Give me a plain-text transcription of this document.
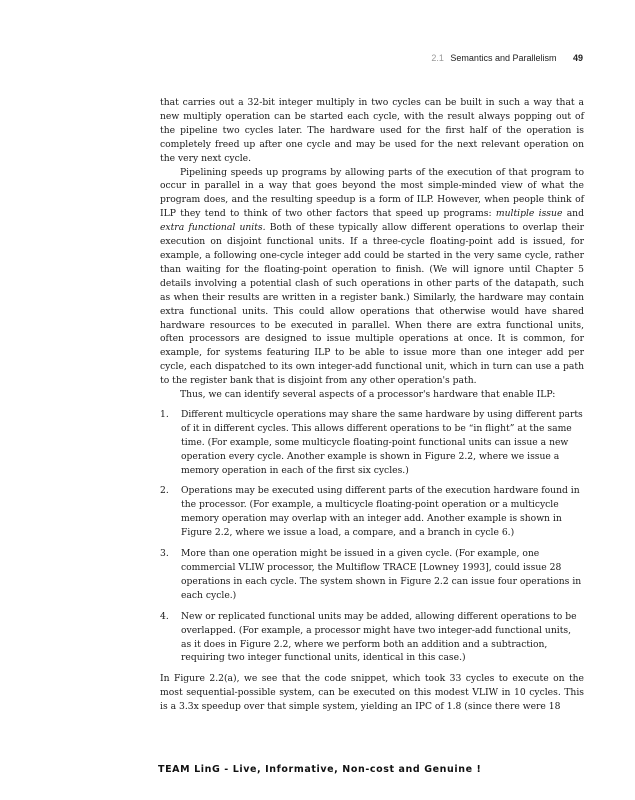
2.1 Semantics and Parallelism 49

that carries out a 32-bit integer multiply in two cycles can be built in such a way that a new multiply operation can be started each cycle, with the result always popping out of the pipeline two cycles later. The hardware used for the first half of the operation is completely freed up after one cycle and may be used for the next relevant operation on the very next cycle.

Pipelining speeds up programs by allowing parts of the execution of that program to occur in parallel in a way that goes beyond the most simple-minded view of what the program does, and the resulting speedup is a form of ILP. However, when people think of ILP they tend to think of two other factors that speed up programs: multiple issue and extra functional units. Both of these typically allow different operations to overlap their execution on disjoint functional units. If a three-cycle floating-point add is issued, for example, a following one-cycle integer add could be started in the very same cycle, rather than waiting for the floating-point operation to finish. (We will ignore until Chapter 5 details involving a potential clash of such operations in other parts of the datapath, such as when their results are written in a register bank.) Similarly, the hardware may contain extra functional units. This could allow operations that otherwise would have shared hardware resources to be executed in parallel. When there are extra functional units, often processors are designed to issue multiple operations at once. It is common, for example, for systems featuring ILP to be able to issue more than one integer add per cycle, each dispatched to its own integer-add functional unit, which in turn can use a path to the register bank that is disjoint from any other operation's path.

Thus, we can identify several aspects of a processor's hardware that enable ILP:

1. Different multicycle operations may share the same hardware by using different parts of it in different cycles. This allows different operations to be “in flight” at the same time. (For example, some multicycle floating-point functional units can issue a new operation every cycle. Another example is shown in Figure 2.2, where we issue a memory operation in each of the first six cycles.)
2. Operations may be executed using different parts of the execution hardware found in the processor. (For example, a multicycle floating-point operation or a multicycle memory operation may overlap with an integer add. Another example is shown in Figure 2.2, where we issue a load, a compare, and a branch in cycle 6.)
3. More than one operation might be issued in a given cycle. (For example, one commercial VLIW processor, the Multiflow TRACE [Lowney 1993], could issue 28 operations in each cycle. The system shown in Figure 2.2 can issue four operations in each cycle.)
4. New or replicated functional units may be added, allowing different operations to be overlapped. (For example, a processor might have two integer-add functional units, as it does in Figure 2.2, where we perform both an addition and a subtraction, requiring two integer functional units, identical in this case.)

In Figure 2.2(a), we see that the code snippet, which took 33 cycles to execute on the most sequential-possible system, can be executed on this modest VLIW in 10 cycles. This is a 3.3x speedup over that simple system, yielding an IPC of 1.8 (since there were 18

TEAM LinG - Live, Informative, Non-cost and Genuine !
